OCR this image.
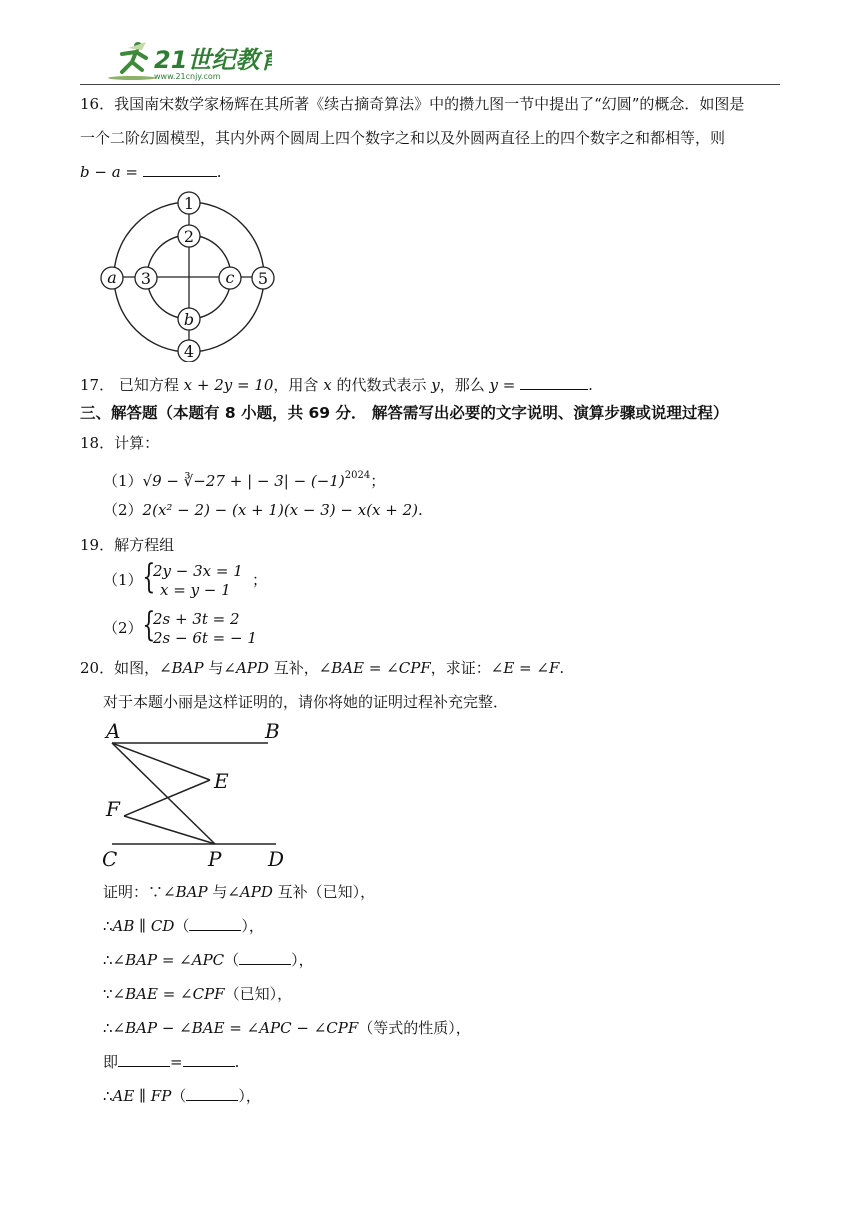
21世纪教育
www.21cnjy.com
16．我国南宋数学家杨辉在其所著《续古摘奇算法》中的攒九图一节中提出了“幻圆”的概念．如图是
一个二阶幻圆模型，其内外两个圆周上四个数字之和以及外圆两直径上的四个数字之和都相等，则
b − a =	.
1
2
3	5
4
a	c
b
17． 已知方程 x + 2y = 10，用含 x 的代数式表示 y，那么 y =	.
三、解答题（本题有 8 小题，共 69 分． 解答需写出必要的文字说明、演算步骤或说理过程）
18．计算：
（1）√9 − ∛−27 + | − $3| - (-1)^{2024}$；
（2）2(x² − 2) − (x + 1)(x − 3) − x(x + 2).
19．解方程组
（1） {
2y − 3x = 1
x = y − 1
；
（2） {
2s + 3t = 2
2s − 6t = − 1
20．如图，∠BAP 与∠APD 互补，∠BAE = ∠CPF，求证：∠E = ∠F.
对于本题小丽是这样证明的，请你将她的证明过程补充完整．
A	B
E
F
C	P D
证明：∵∠BAP 与∠APD 互补（已知），
∴AB ∥ CD（	），
∴∠BAP = ∠APC（	），
∵∠BAE = ∠CPF（已知），
∴∠BAP − ∠BAE = ∠APC − ∠CPF（等式的性质），
即	=	.
∴AE ∥ FP（	），
